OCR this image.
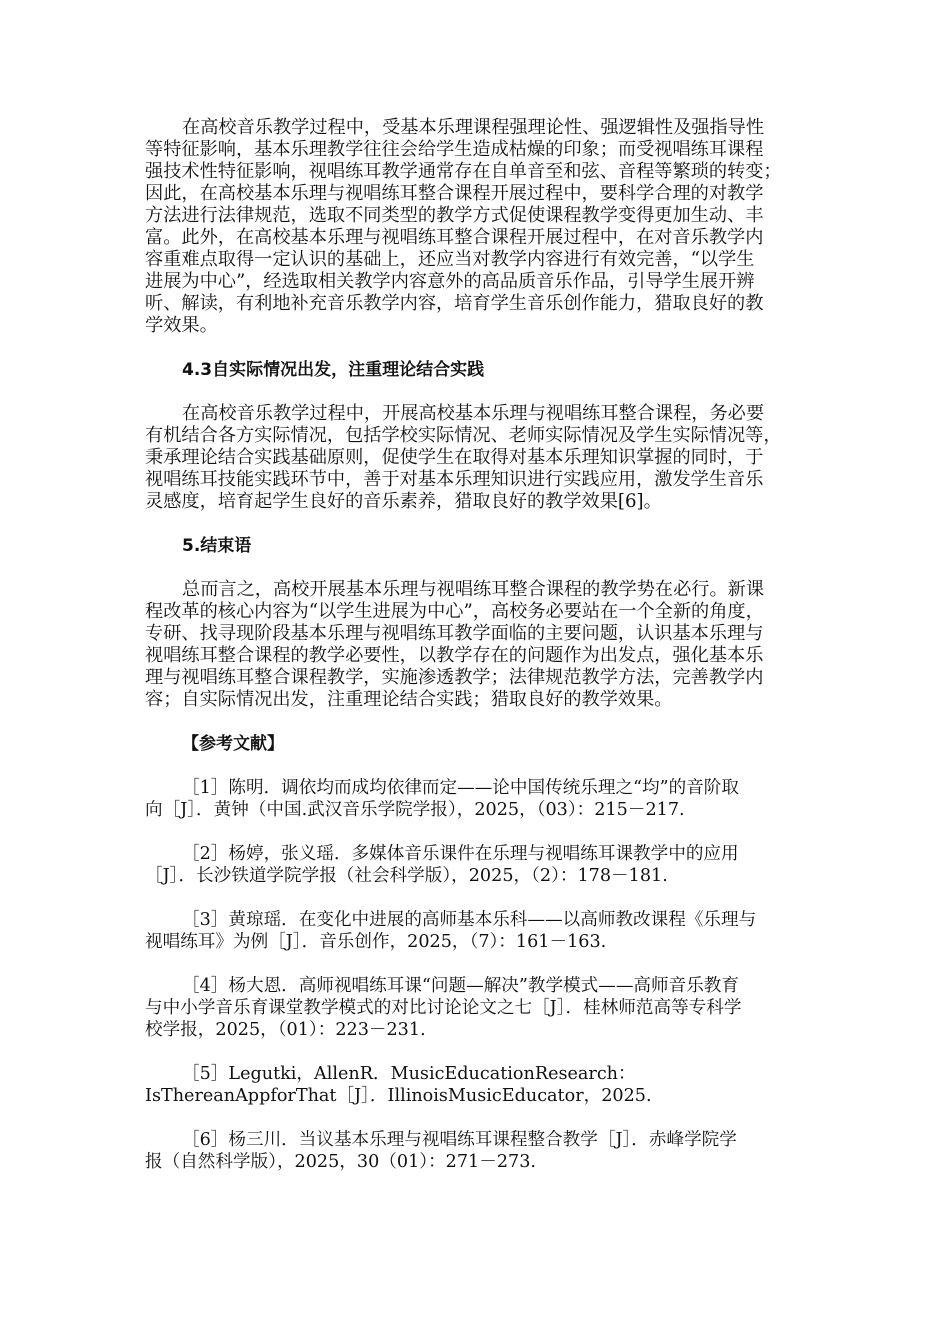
在高校音乐教学过程中，受基本乐理课程强理论性、强逻辑性及强指导性
等特征影响，基本乐理教学往往会给学生造成枯燥的印象；而受视唱练耳课程
强技术性特征影响，视唱练耳教学通常存在自单音至和弦、音程等繁琐的转变；
因此，在高校基本乐理与视唱练耳整合课程开展过程中，要科学合理的对教学
方法进行法律规范，选取不同类型的教学方式促使课程教学变得更加生动、丰
富。此外，在高校基本乐理与视唱练耳整合课程开展过程中，在对音乐教学内
容重难点取得一定认识的基础上，还应当对教学内容进行有效完善，“以学生
进展为中心”，经选取相关教学内容意外的高品质音乐作品，引导学生展开辨
听、解读，有利地补充音乐教学内容，培育学生音乐创作能力，猎取良好的教
学效果。
4.3自实际情况出发，注重理论结合实践
在高校音乐教学过程中，开展高校基本乐理与视唱练耳整合课程，务必要
有机结合各方实际情况，包括学校实际情况、老师实际情况及学生实际情况等，
秉承理论结合实践基础原则，促使学生在取得对基本乐理知识掌握的同时，于
视唱练耳技能实践环节中，善于对基本乐理知识进行实践应用，激发学生音乐
灵感度，培育起学生良好的音乐素养，猎取良好的教学效果[6]。
5.结束语
总而言之，高校开展基本乐理与视唱练耳整合课程的教学势在必行。新课
程改革的核心内容为“以学生进展为中心”，高校务必要站在一个全新的角度，
专研、找寻现阶段基本乐理与视唱练耳教学面临的主要问题，认识基本乐理与
视唱练耳整合课程的教学必要性，以教学存在的问题作为出发点，强化基本乐
理与视唱练耳整合课程教学，实施渗透教学；法律规范教学方法，完善教学内
容；自实际情况出发，注重理论结合实践；猎取良好的教学效果。
【参考文献】
［1］陈明．调依均而成均依律而定——论中国传统乐理之“均”的音阶取
向［J］．黄钟（中国.武汉音乐学院学报），2025，（03）：215－217.
［2］杨婷，张义瑶．多媒体音乐课件在乐理与视唱练耳课教学中的应用
［J］．长沙铁道学院学报（社会科学版），2025，（2）：178－181.
［3］黄琼瑶．在变化中进展的高师基本乐科——以高师教改课程《乐理与
视唱练耳》为例［J］．音乐创作，2025，（7）：161－163.
［4］杨大恩．高师视唱练耳课“问题—解决”教学模式——高师音乐教育
与中小学音乐育课堂教学模式的对比讨论论文之七［J］．桂林师范高等专科学
校学报，2025，（01）：223－231.
［5］Legutki，AllenR．MusicEducationResearch：
IsThereanAppforThat［J］．IllinoisMusicEducator，2025.
［6］杨三川．当议基本乐理与视唱练耳课程整合教学［J］．赤峰学院学
报（自然科学版），2025，30（01）：271－273.
